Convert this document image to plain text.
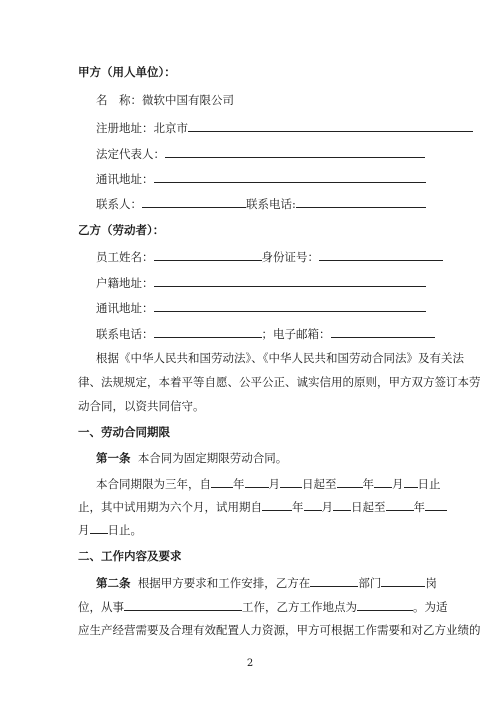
甲方（用人单位）：
名　称：微软中国有限公司
注册地址：北京市
法定代表人：
通讯地址：
联系人：	联系电话:
乙方（劳动者）：
员工姓名：	身份证号：
户籍地址：
通讯地址：
联系电话：	；电子邮箱：
根据《中华人民共和国劳动法》、《中华人民共和国劳动合同法》及有关法
律、法规规定，本着平等自愿、公平公正、诚实信用的原则，甲方双方签订本劳
动合同，以资共同信守。
一、劳动合同期限
第一条 本合同为固定期限劳动合同。
本合同期限为三年，自 年 月 日起至 年 月 日止
止，其中试用期为六个月，试用期自	年 月 日起至 年
月 日止。
二、工作内容及要求
第二条 根据甲方要求和工作安排，乙方在	部门	岗
位，从事	工作，乙方工作地点为	。为适
应生产经营需要及合理有效配置人力资源，甲方可根据工作需要和对乙方业绩的
2
